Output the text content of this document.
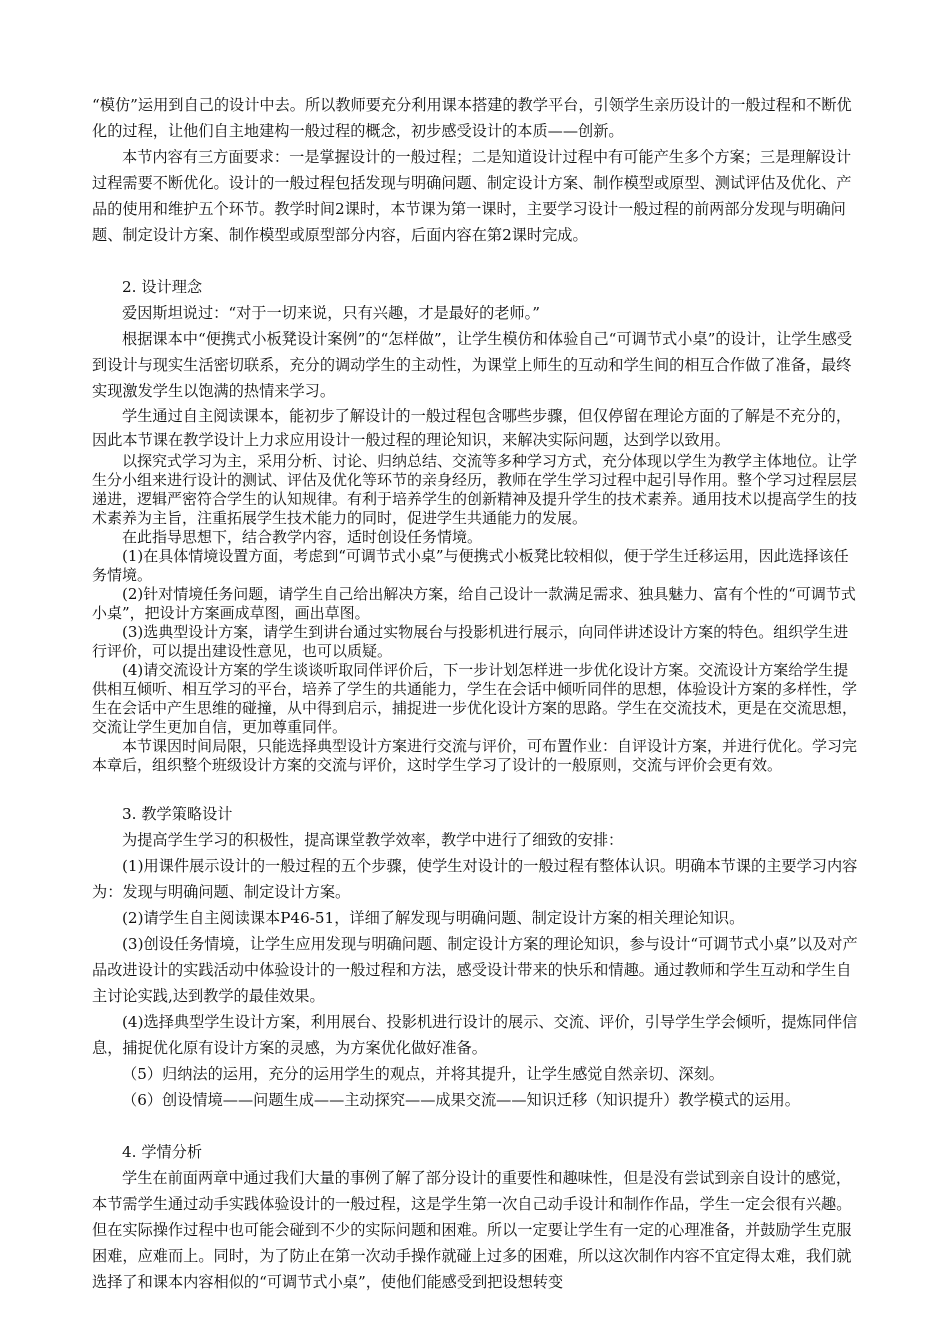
“模仿”运用到自己的设计中去。所以教师要充分利用课本搭建的教学平台，引领学生亲历设计的一般过程和不断优化的过程，让他们自主地建构一般过程的概念，初步感受设计的本质——创新。

本节内容有三方面要求：一是掌握设计的一般过程；二是知道设计过程中有可能产生多个方案；三是理解设计过程需要不断优化。设计的一般过程包括发现与明确问题、制定设计方案、制作模型或原型、测试评估及优化、产品的使用和维护五个环节。教学时间2课时，本节课为第一课时，主要学习设计一般过程的前两部分发现与明确问题、制定设计方案、制作模型或原型部分内容，后面内容在第2课时完成。

2. 设计理念

爱因斯坦说过：“对于一切来说，只有兴趣，才是最好的老师。”

根据课本中“便携式小板凳设计案例”的“怎样做”，让学生模仿和体验自己“可调节式小桌”的设计，让学生感受到设计与现实生活密切联系，充分的调动学生的主动性，为课堂上师生的互动和学生间的相互合作做了准备，最终实现激发学生以饱满的热情来学习。

学生通过自主阅读课本，能初步了解设计的一般过程包含哪些步骤，但仅停留在理论方面的了解是不充分的，因此本节课在教学设计上力求应用设计一般过程的理论知识，来解决实际问题，达到学以致用。

以探究式学习为主，采用分析、讨论、归纳总结、交流等多种学习方式，充分体现以学生为教学主体地位。让学生分小组来进行设计的测试、评估及优化等环节的亲身经历，教师在学生学习过程中起引导作用。整个学习过程层层递进，逻辑严密符合学生的认知规律。有利于培养学生的创新精神及提升学生的技术素养。通用技术以提高学生的技术素养为主旨，注重拓展学生技术能力的同时，促进学生共通能力的发展。

在此指导思想下，结合教学内容，适时创设任务情境。

(1)在具体情境设置方面，考虑到“可调节式小桌”与便携式小板凳比较相似，便于学生迁移运用，因此选择该任务情境。

(2)针对情境任务问题，请学生自己给出解决方案，给自己设计一款满足需求、独具魅力、富有个性的“可调节式小桌”，把设计方案画成草图，画出草图。

(3)选典型设计方案，请学生到讲台通过实物展台与投影机进行展示，向同伴讲述设计方案的特色。组织学生进行评价，可以提出建设性意见，也可以质疑。

(4)请交流设计方案的学生谈谈听取同伴评价后，下一步计划怎样进一步优化设计方案。交流设计方案给学生提供相互倾听、相互学习的平台，培养了学生的共通能力，学生在会话中倾听同伴的思想，体验设计方案的多样性，学生在会话中产生思维的碰撞，从中得到启示，捕捉进一步优化设计方案的思路。学生在交流技术，更是在交流思想，交流让学生更加自信，更加尊重同伴。

本节课因时间局限，只能选择典型设计方案进行交流与评价，可布置作业：自评设计方案，并进行优化。学习完本章后，组织整个班级设计方案的交流与评价，这时学生学习了设计的一般原则，交流与评价会更有效。

3. 教学策略设计

为提高学生学习的积极性，提高课堂教学效率，教学中进行了细致的安排：

(1)用课件展示设计的一般过程的五个步骤，使学生对设计的一般过程有整体认识。明确本节课的主要学习内容为：发现与明确问题、制定设计方案。

(2)请学生自主阅读课本P46-51，详细了解发现与明确问题、制定设计方案的相关理论知识。

(3)创设任务情境，让学生应用发现与明确问题、制定设计方案的理论知识，参与设计“可调节式小桌”以及对产品改进设计的实践活动中体验设计的一般过程和方法，感受设计带来的快乐和情趣。通过教师和学生互动和学生自主讨论实践,达到教学的最佳效果。

(4)选择典型学生设计方案，利用展台、投影机进行设计的展示、交流、评价，引导学生学会倾听，提炼同伴信息，捕捉优化原有设计方案的灵感，为方案优化做好准备。

（5）归纳法的运用，充分的运用学生的观点，并将其提升，让学生感觉自然亲切、深刻。

（6）创设情境——问题生成——主动探究——成果交流——知识迁移（知识提升）教学模式的运用。

4. 学情分析

学生在前面两章中通过我们大量的事例了解了部分设计的重要性和趣味性，但是没有尝试到亲自设计的感觉，本节需学生通过动手实践体验设计的一般过程，这是学生第一次自己动手设计和制作作品，学生一定会很有兴趣。但在实际操作过程中也可能会碰到不少的实际问题和困难。所以一定要让学生有一定的心理准备，并鼓励学生克服困难，应难而上。同时，为了防止在第一次动手操作就碰上过多的困难，所以这次制作内容不宜定得太难，我们就选择了和课本内容相似的“可调节式小桌”，使他们能感受到把设想转变
